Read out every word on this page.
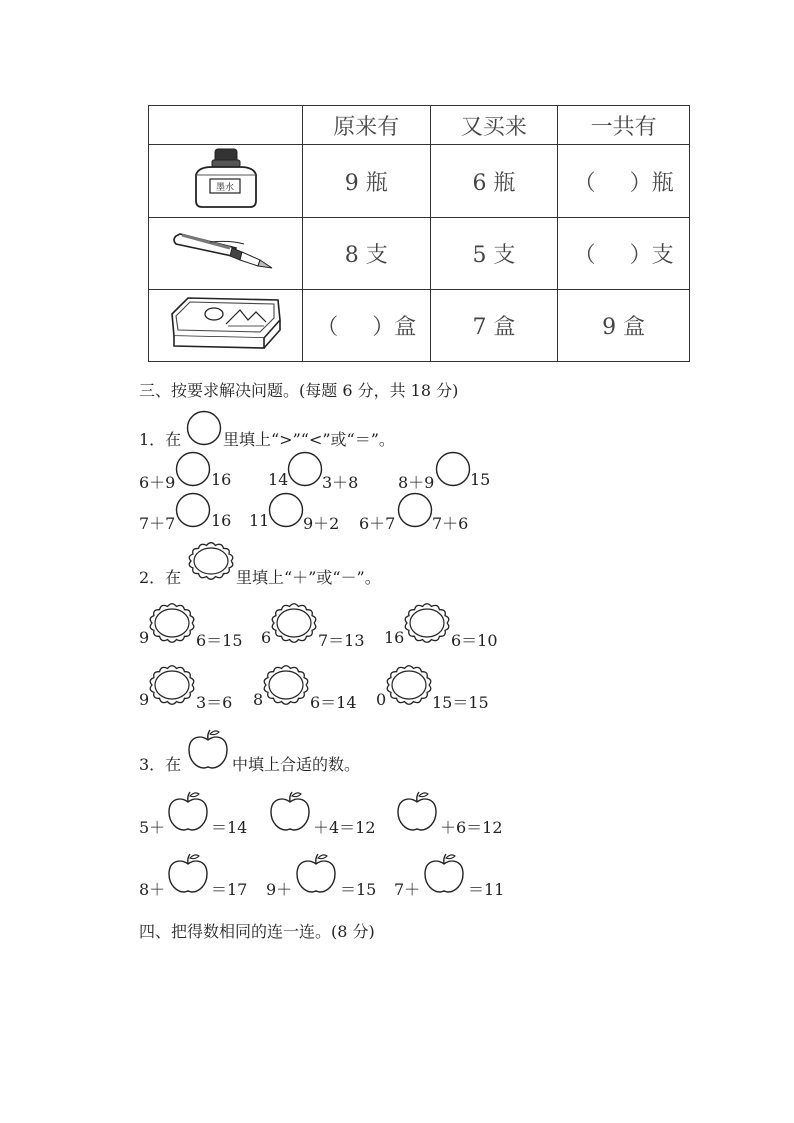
	原来有	又买来	一共有

墨水	9 瓶	6 瓶	（ ）瓶
	8 支	5 支	（ ）支
	（ ）盒	7 盒	9 盒
三、按要求解决问题。(每题 6 分，共 18 分)
1．在	里填上“>”“<”或“＝”。
6＋9 16 14 3＋8 8＋9 15
7＋7 16 11 9＋2 6＋7 7＋6
2．在	里填上“＋”或“－”。
9	6＝15 6	7＝13 16	6＝10
9	3＝6 8	6＝14 0	15＝15
3．在	中填上合适的数。
5＋	＝14	＋4＝12	＋6＝12
8＋	＝17 9＋	＝15 7＋	＝11
四、把得数相同的连一连。(8 分)
